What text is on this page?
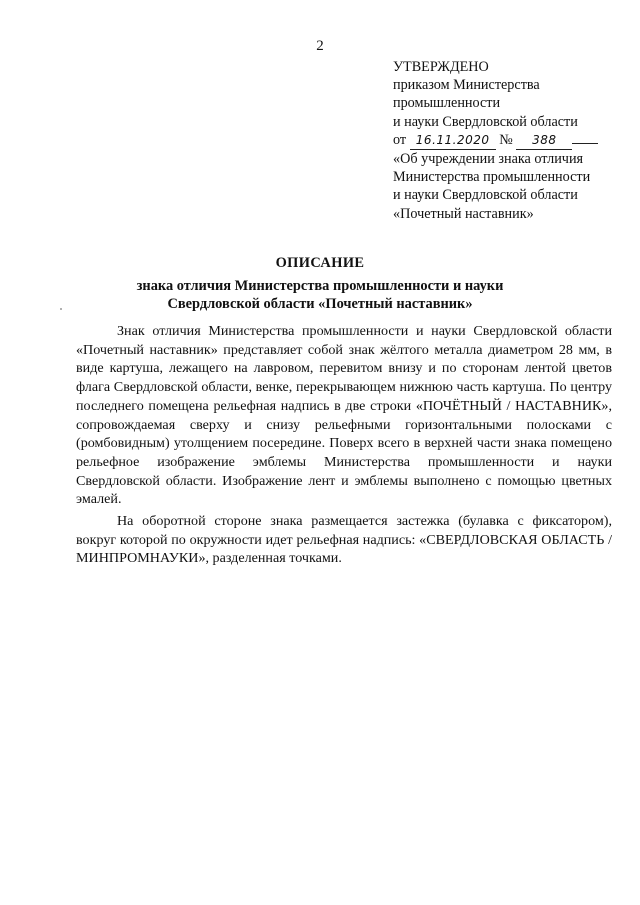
2
УТВЕРЖДЕНО
приказом Министерства
промышленности
и науки Свердловской области
от 16.11.2020 № 388
«Об учреждении знака отличия
Министерства промышленности
и науки Свердловской области
«Почетный наставник»
ОПИСАНИЕ
знака отличия Министерства промышленности и науки
Свердловской области «Почетный наставник»

Знак отличия Министерства промышленности и науки Свердловской области «Почетный наставник» представляет собой знак жёлтого металла диаметром 28 мм, в виде картуша, лежащего на лавровом, перевитом внизу и по сторонам лентой цветов флага Свердловской области, венке, перекрывающем нижнюю часть картуша. По центру последнего помещена рельефная надпись в две строки «ПОЧЁТНЫЙ / НАСТАВНИК», сопровождаемая сверху и снизу рельефными горизонтальными полосками с (ромбовидным) утолщением посередине. Поверх всего в верхней части знака помещено рельефное изображение эмблемы Министерства промышленности и науки Свердловской области. Изображение лент и эмблемы выполнено с помощью цветных эмалей.

На оборотной стороне знака размещается застежка (булавка с фиксатором), вокруг которой по окружности идет рельефная надпись: «СВЕРДЛОВСКАЯ ОБЛАСТЬ / МИНПРОМНАУКИ», разделенная точками.
